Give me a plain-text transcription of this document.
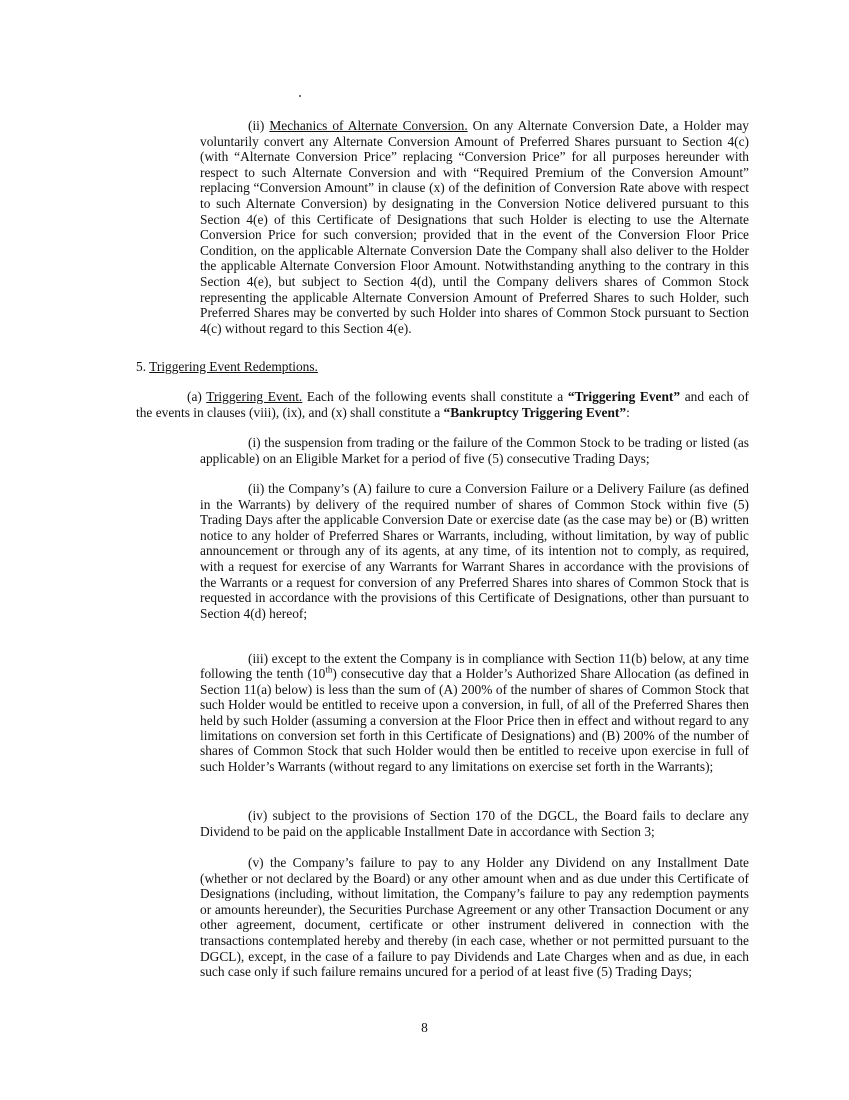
(ii) Mechanics of Alternate Conversion. On any Alternate Conversion Date, a Holder may voluntarily convert any Alternate Conversion Amount of Preferred Shares pursuant to Section 4(c) (with “Alternate Conversion Price” replacing “Conversion Price” for all purposes hereunder with respect to such Alternate Conversion and with “Required Premium of the Conversion Amount” replacing “Conversion Amount” in clause (x) of the definition of Conversion Rate above with respect to such Alternate Conversion) by designating in the Conversion Notice delivered pursuant to this Section 4(e) of this Certificate of Designations that such Holder is electing to use the Alternate Conversion Price for such conversion; provided that in the event of the Conversion Floor Price Condition, on the applicable Alternate Conversion Date the Company shall also deliver to the Holder the applicable Alternate Conversion Floor Amount. Notwithstanding anything to the contrary in this Section 4(e), but subject to Section 4(d), until the Company delivers shares of Common Stock representing the applicable Alternate Conversion Amount of Preferred Shares to such Holder, such Preferred Shares may be converted by such Holder into shares of Common Stock pursuant to Section 4(c) without regard to this Section 4(e).
5. Triggering Event Redemptions.
(a) Triggering Event. Each of the following events shall constitute a “Triggering Event” and each of the events in clauses (viii), (ix), and (x) shall constitute a “Bankruptcy Triggering Event”:
(i) the suspension from trading or the failure of the Common Stock to be trading or listed (as applicable) on an Eligible Market for a period of five (5) consecutive Trading Days;
(ii) the Company’s (A) failure to cure a Conversion Failure or a Delivery Failure (as defined in the Warrants) by delivery of the required number of shares of Common Stock within five (5) Trading Days after the applicable Conversion Date or exercise date (as the case may be) or (B) written notice to any holder of Preferred Shares or Warrants, including, without limitation, by way of public announcement or through any of its agents, at any time, of its intention not to comply, as required, with a request for exercise of any Warrants for Warrant Shares in accordance with the provisions of the Warrants or a request for conversion of any Preferred Shares into shares of Common Stock that is requested in accordance with the provisions of this Certificate of Designations, other than pursuant to Section 4(d) hereof;
(iii) except to the extent the Company is in compliance with Section 11(b) below, at any time following the tenth (10th) consecutive day that a Holder’s Authorized Share Allocation (as defined in Section 11(a) below) is less than the sum of (A) 200% of the number of shares of Common Stock that such Holder would be entitled to receive upon a conversion, in full, of all of the Preferred Shares then held by such Holder (assuming a conversion at the Floor Price then in effect and without regard to any limitations on conversion set forth in this Certificate of Designations) and (B) 200% of the number of shares of Common Stock that such Holder would then be entitled to receive upon exercise in full of such Holder’s Warrants (without regard to any limitations on exercise set forth in the Warrants);
(iv) subject to the provisions of Section 170 of the DGCL, the Board fails to declare any Dividend to be paid on the applicable Installment Date in accordance with Section 3;
(v) the Company’s failure to pay to any Holder any Dividend on any Installment Date (whether or not declared by the Board) or any other amount when and as due under this Certificate of Designations (including, without limitation, the Company’s failure to pay any redemption payments or amounts hereunder), the Securities Purchase Agreement or any other Transaction Document or any other agreement, document, certificate or other instrument delivered in connection with the transactions contemplated hereby and thereby (in each case, whether or not permitted pursuant to the DGCL), except, in the case of a failure to pay Dividends and Late Charges when and as due, in each such case only if such failure remains uncured for a period of at least five (5) Trading Days;
8
